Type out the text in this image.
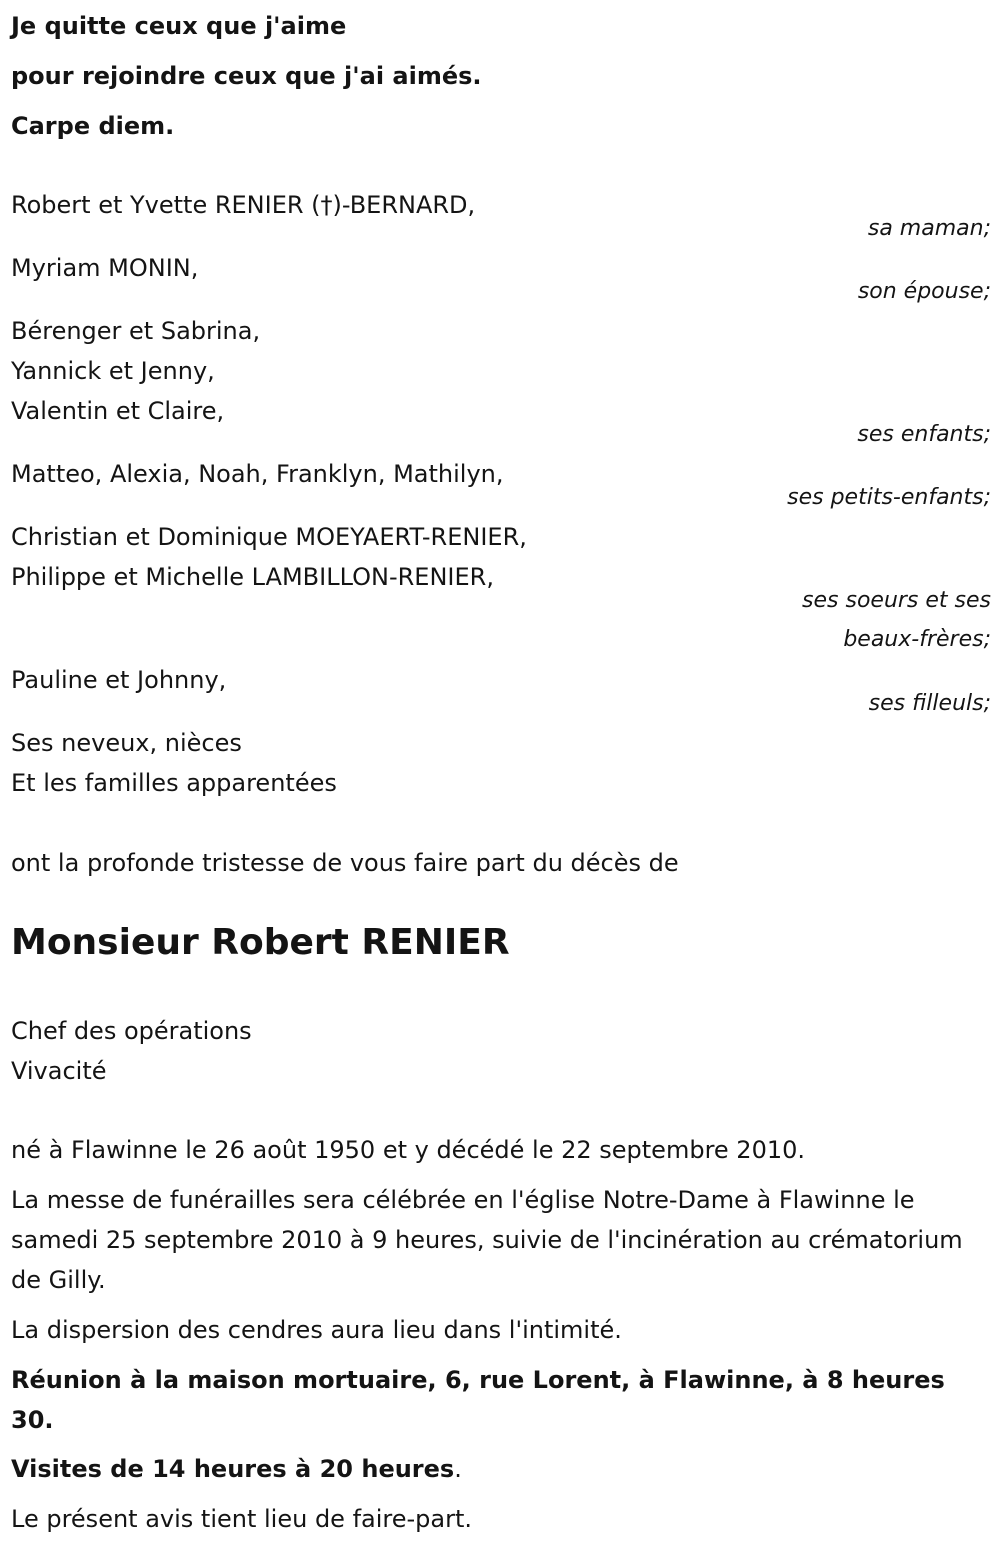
Je quitte ceux que j'aime
pour rejoindre ceux que j'ai aimés.
Carpe diem.
Robert et Yvette RENIER (†)-BERNARD,
sa maman;
Myriam MONIN,
son épouse;
Bérenger et Sabrina,
Yannick et Jenny,
Valentin et Claire,
ses enfants;
Matteo, Alexia, Noah, Franklyn, Mathilyn,
ses petits-enfants;
Christian et Dominique MOEYAERT-RENIER,
Philippe et Michelle LAMBILLON-RENIER,
ses soeurs et ses
beaux-frères;
Pauline et Johnny,
ses filleuls;
Ses neveux, nièces
Et les familles apparentées
ont la profonde tristesse de vous faire part du décès de
Monsieur Robert RENIER
Chef des opérations
Vivacité
né à Flawinne le 26 août 1950 et y décédé le 22 septembre 2010.
La messe de funérailles sera célébrée en l'église Notre-Dame à Flawinne le samedi 25 septembre 2010 à 9 heures, suivie de l'incinération au crématorium de Gilly.
La dispersion des cendres aura lieu dans l'intimité.
Réunion à la maison mortuaire, 6, rue Lorent, à Flawinne, à 8 heures 30.
Visites de 14 heures à 20 heures.
Le présent avis tient lieu de faire-part.
